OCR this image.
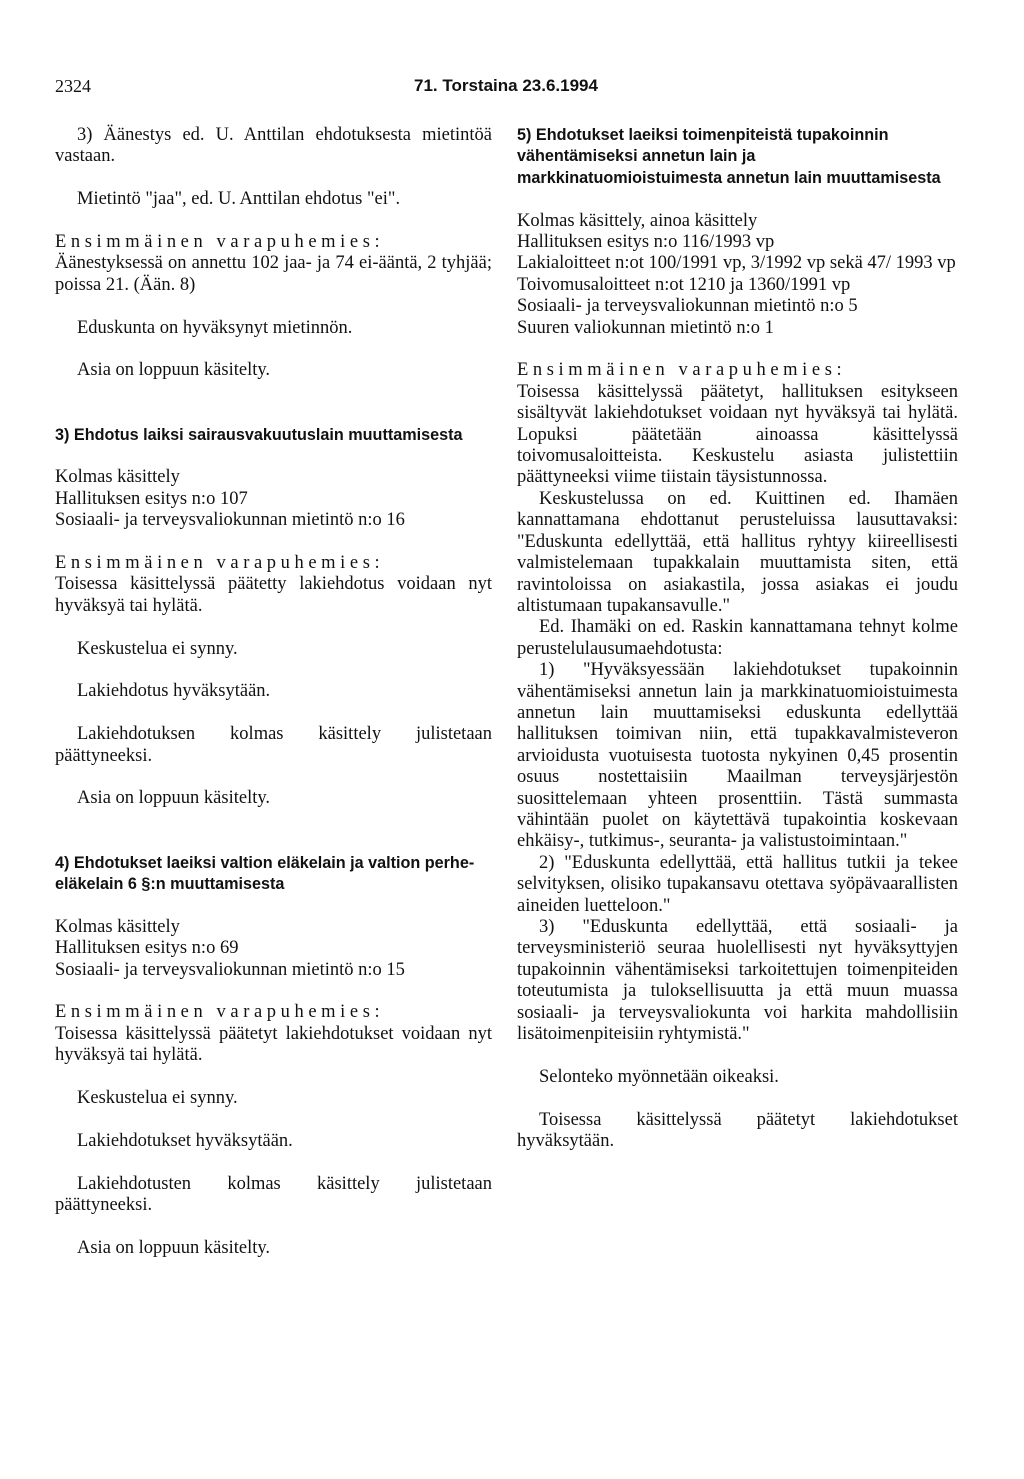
2324	71. Torstaina 23.6.1994

3) Äänestys ed. U. Anttilan ehdotuksesta mietintöä vastaan.

Mietintö "jaa", ed. U. Anttilan ehdotus "ei".

Ensimmäinen varapuhemies:

Äänestyksessä on annettu 102 jaa- ja 74 ei-ääntä, 2 tyhjää; poissa 21. (Ään. 8)

Eduskunta on hyväksynyt mietinnön.

Asia on loppuun käsitelty.

3) Ehdotus laiksi sairausvakuutuslain muuttamisesta

Kolmas käsittely

Hallituksen esitys n:o 107

Sosiaali- ja terveysvaliokunnan mietintö n:o 16

Ensimmäinen varapuhemies:

Toisessa käsittelyssä päätetty lakiehdotus voidaan nyt hyväksyä tai hylätä.

Keskustelua ei synny.

Lakiehdotus hyväksytään.

Lakiehdotuksen kolmas käsittely julistetaan päättyneeksi.

Asia on loppuun käsitelty.

4) Ehdotukset laeiksi valtion eläkelain ja valtion perhe-eläkelain 6 §:n muuttamisesta

Kolmas käsittely

Hallituksen esitys n:o 69

Sosiaali- ja terveysvaliokunnan mietintö n:o 15

Ensimmäinen varapuhemies:

Toisessa käsittelyssä päätetyt lakiehdotukset voidaan nyt hyväksyä tai hylätä.

Keskustelua ei synny.

Lakiehdotukset hyväksytään.

Lakiehdotusten kolmas käsittely julistetaan päättyneeksi.

Asia on loppuun käsitelty.

5) Ehdotukset laeiksi toimenpiteistä tupakoinnin vähentämiseksi annetun lain ja markkinatuomioistuimesta annetun lain muuttamisesta

Kolmas käsittely, ainoa käsittely

Hallituksen esitys n:o 116/1993 vp

Lakialoitteet n:ot 100/1991 vp, 3/1992 vp sekä 47/ 1993 vp

Toivomusaloitteet n:ot 1210 ja 1360/1991 vp

Sosiaali- ja terveysvaliokunnan mietintö n:o 5

Suuren valiokunnan mietintö n:o 1

Ensimmäinen varapuhemies:

Toisessa käsittelyssä päätetyt, hallituksen esitykseen sisältyvät lakiehdotukset voidaan nyt hyväksyä tai hylätä. Lopuksi päätetään ainoassa käsittelyssä toivomusaloitteista. Keskustelu asiasta julistettiin päättyneeksi viime tiistain täysistunnossa.

Keskustelussa on ed. Kuittinen ed. Ihamäen kannattamana ehdottanut perusteluissa lausuttavaksi: "Eduskunta edellyttää, että hallitus ryhtyy kiireellisesti valmistelemaan tupakkalain muuttamista siten, että ravintoloissa on asiakastila, jossa asiakas ei joudu altistumaan tupakansavulle."

Ed. Ihamäki on ed. Raskin kannattamana tehnyt kolme perustelulausumaehdotusta:

1) "Hyväksyessään lakiehdotukset tupakoinnin vähentämiseksi annetun lain ja markkinatuomioistuimesta annetun lain muuttamiseksi eduskunta edellyttää hallituksen toimivan niin, että tupakkavalmisteveron arvioidusta vuotuisesta tuotosta nykyinen 0,45 prosentin osuus nostettaisiin Maailman terveysjärjestön suosittelemaan yhteen prosenttiin. Tästä summasta vähintään puolet on käytettävä tupakointia koskevaan ehkäisy-, tutkimus-, seuranta- ja valistustoimintaan."

2) "Eduskunta edellyttää, että hallitus tutkii ja tekee selvityksen, olisiko tupakansavu otettava syöpävaarallisten aineiden luetteloon."

3) "Eduskunta edellyttää, että sosiaali- ja terveysministeriö seuraa huolellisesti nyt hyväksyttyjen tupakoinnin vähentämiseksi tarkoitettujen toimenpiteiden toteutumista ja tuloksellisuutta ja että muun muassa sosiaali- ja terveysvaliokunta voi harkita mahdollisiin lisätoimenpiteisiin ryhtymistä."

Selonteko myönnetään oikeaksi.

Toisessa käsittelyssä päätetyt lakiehdotukset hyväksytään.
